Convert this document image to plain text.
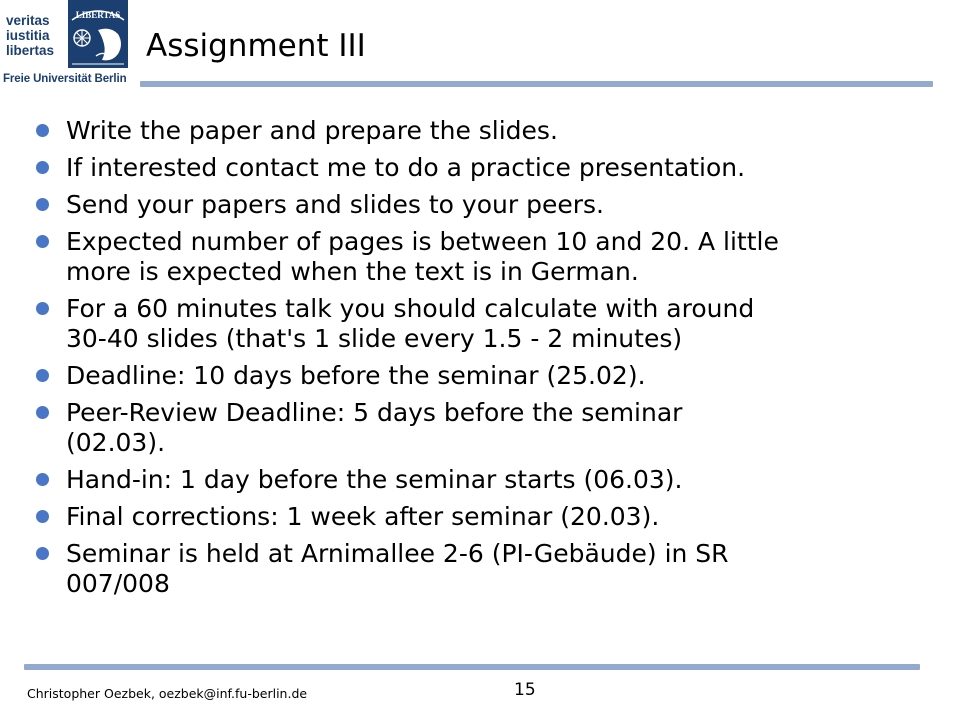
veritas
iustitia
libertas
LIBERTAS
Freie Universität Berlin
Assignment III
Write the paper and prepare the slides.
If interested contact me to do a practice presentation.
Send your papers and slides to your peers.
Expected number of pages is between 10 and 20. A little
more is expected when the text is in German.
For a 60 minutes talk you should calculate with around
30-40 slides (that's 1 slide every 1.5 - 2 minutes)
Deadline: 10 days before the seminar (25.02).
Peer-Review Deadline: 5 days before the seminar
(02.03).
Hand-in: 1 day before the seminar starts (06.03).
Final corrections: 1 week after seminar (20.03).
Seminar is held at Arnimallee 2-6 (PI-Gebäude) in SR
007/008
Christopher Oezbek, oezbek@inf.fu-berlin.de	15
